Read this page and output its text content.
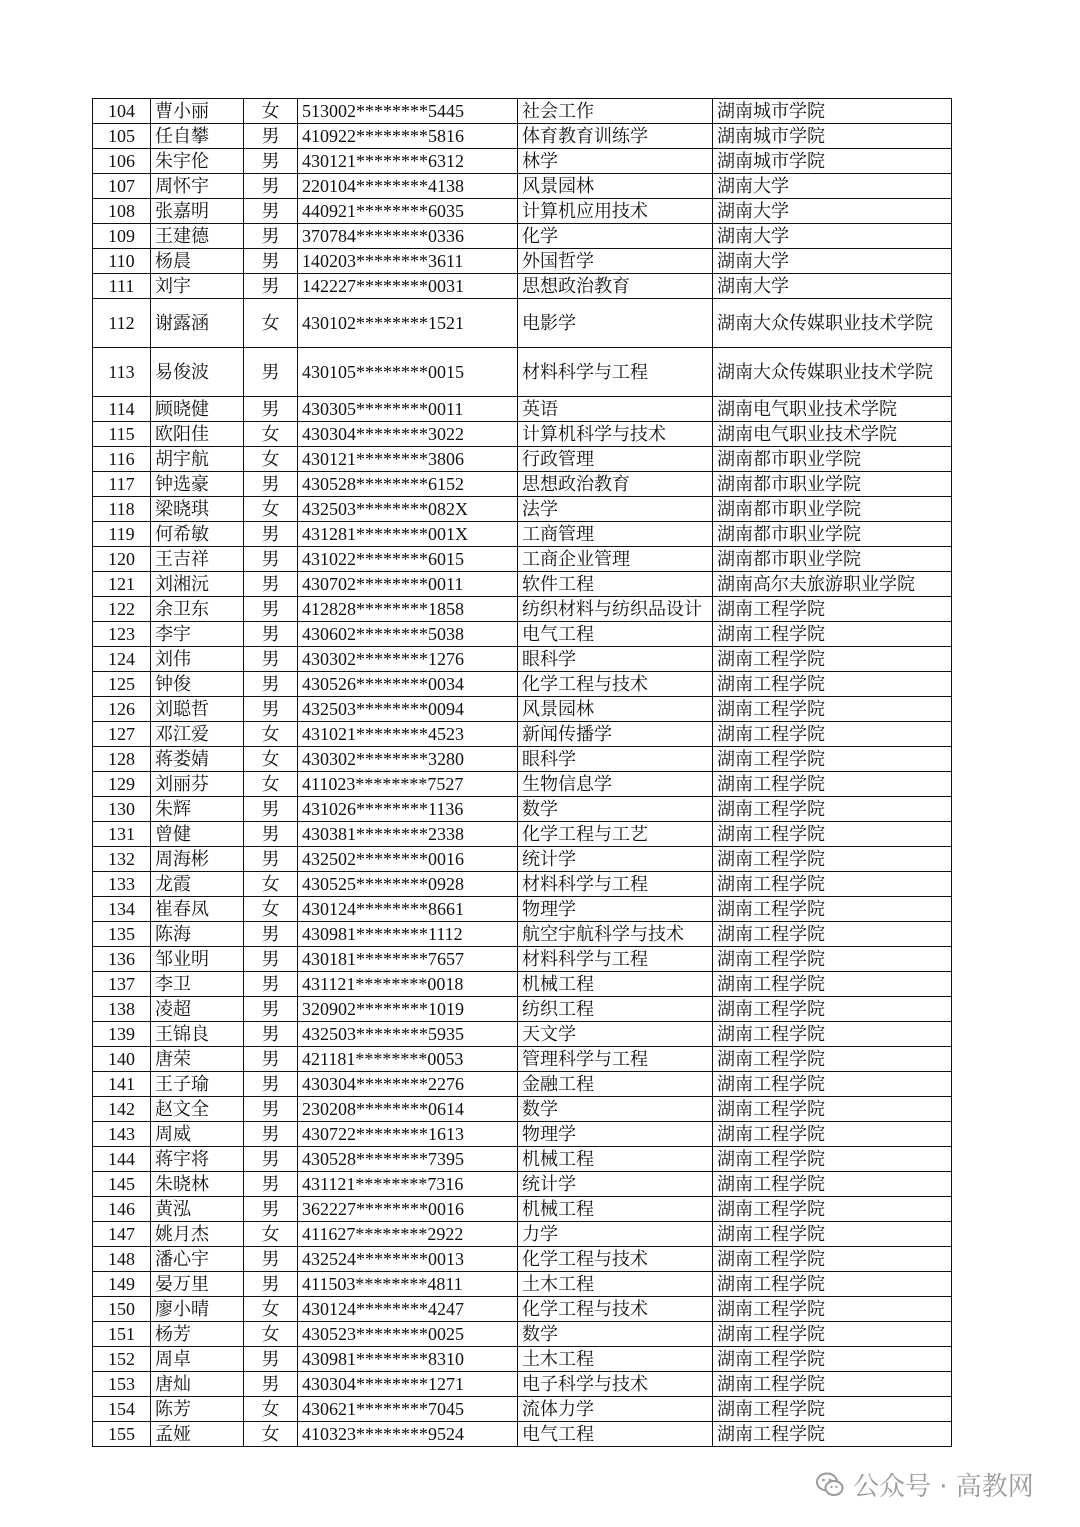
104	曹小丽	女	513002********5445	社会工作	湖南城市学院
105	任自攀	男	410922********5816	体育教育训练学	湖南城市学院
106	朱宇伦	男	430121********6312	林学	湖南城市学院
107	周怀宇	男	220104********4138	风景园林	湖南大学
108	张嘉明	男	440921********6035	计算机应用技术	湖南大学
109	王建德	男	370784********0336	化学	湖南大学
110	杨晨	男	140203********3611	外国哲学	湖南大学
111	刘宇	男	142227********0031	思想政治教育	湖南大学
112	谢露涵	女	430102********1521	电影学	湖南大众传媒职业技术学院
113	易俊波	男	430105********0015	材料科学与工程	湖南大众传媒职业技术学院
114	顾晓健	男	430305********0011	英语	湖南电气职业技术学院
115	欧阳佳	女	430304********3022	计算机科学与技术	湖南电气职业技术学院
116	胡宇航	女	430121********3806	行政管理	湖南都市职业学院
117	钟选豪	男	430528********6152	思想政治教育	湖南都市职业学院
118	梁晓琪	女	432503********082X	法学	湖南都市职业学院
119	何希敏	男	431281********001X	工商管理	湖南都市职业学院
120	王吉祥	男	431022********6015	工商企业管理	湖南都市职业学院
121	刘湘沅	男	430702********0011	软件工程	湖南高尔夫旅游职业学院
122	余卫东	男	412828********1858	纺织材料与纺织品设计	湖南工程学院
123	李宇	男	430602********5038	电气工程	湖南工程学院
124	刘伟	男	430302********1276	眼科学	湖南工程学院
125	钟俊	男	430526********0034	化学工程与技术	湖南工程学院
126	刘聪哲	男	432503********0094	风景园林	湖南工程学院
127	邓江爱	女	431021********4523	新闻传播学	湖南工程学院
128	蒋娄婧	女	430302********3280	眼科学	湖南工程学院
129	刘丽芬	女	411023********7527	生物信息学	湖南工程学院
130	朱辉	男	431026********1136	数学	湖南工程学院
131	曾健	男	430381********2338	化学工程与工艺	湖南工程学院
132	周海彬	男	432502********0016	统计学	湖南工程学院
133	龙霞	女	430525********0928	材料科学与工程	湖南工程学院
134	崔春凤	女	430124********8661	物理学	湖南工程学院
135	陈海	男	430981********1112	航空宇航科学与技术	湖南工程学院
136	邹业明	男	430181********7657	材料科学与工程	湖南工程学院
137	李卫	男	431121********0018	机械工程	湖南工程学院
138	凌超	男	320902********1019	纺织工程	湖南工程学院
139	王锦良	男	432503********5935	天文学	湖南工程学院
140	唐荣	男	421181********0053	管理科学与工程	湖南工程学院
141	王子瑜	男	430304********2276	金融工程	湖南工程学院
142	赵文全	男	230208********0614	数学	湖南工程学院
143	周威	男	430722********1613	物理学	湖南工程学院
144	蒋宇将	男	430528********7395	机械工程	湖南工程学院
145	朱晓林	男	431121********7316	统计学	湖南工程学院
146	黄泓	男	362227********0016	机械工程	湖南工程学院
147	姚月杰	女	411627********2922	力学	湖南工程学院
148	潘心宇	男	432524********0013	化学工程与技术	湖南工程学院
149	晏万里	男	411503********4811	土木工程	湖南工程学院
150	廖小晴	女	430124********4247	化学工程与技术	湖南工程学院
151	杨芳	女	430523********0025	数学	湖南工程学院
152	周卓	男	430981********8310	土木工程	湖南工程学院
153	唐灿	男	430304********1271	电子科学与技术	湖南工程学院
154	陈芳	女	430621********7045	流体力学	湖南工程学院
155	孟娅	女	410323********9524	电气工程	湖南工程学院
公众号 · 高教网
